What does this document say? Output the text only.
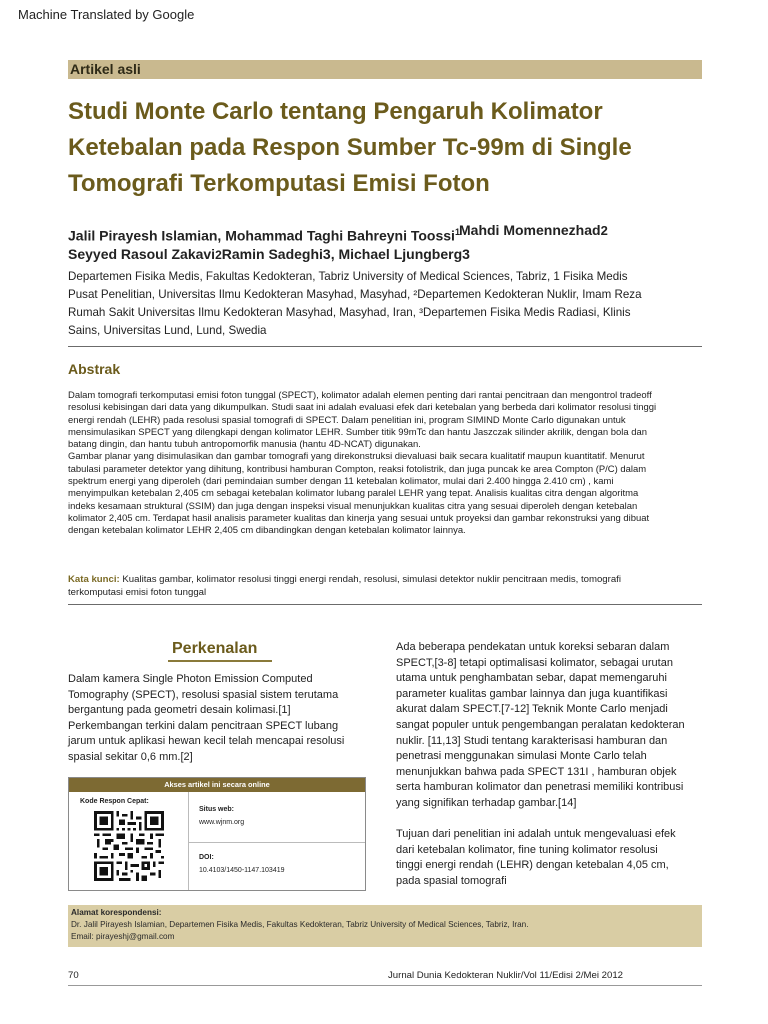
Machine Translated by Google
Artikel asli
Studi Monte Carlo tentang Pengaruh Kolimator
Ketebalan pada Respon Sumber Tc-99m di Single
Tomografi Terkomputasi Emisi Foton
Jalil Pirayesh Islamian, Mohammad Taghi Bahreyni Toossi$^1$ Mahdi Momennezhad2
Seyyed Rasoul Zakavi2Ramin Sadeghi3, Michael Ljungberg3
Departemen Fisika Medis, Fakultas Kedokteran, Tabriz University of Medical Sciences, Tabriz, 1 Fisika Medis
Pusat Penelitian, Universitas Ilmu Kedokteran Masyhad, Masyhad, ²Departemen Kedokteran Nuklir, Imam Reza
Rumah Sakit Universitas Ilmu Kedokteran Masyhad, Masyhad, Iran, ³Departemen Fisika Medis Radiasi, Klinis
Sains, Universitas Lund, Lund, Swedia
Abstrak

Dalam tomografi terkomputasi emisi foton tunggal (SPECT), kolimator adalah elemen penting dari rantai pencitraan dan mengontrol tradeoff

resolusi kebisingan dari data yang dikumpulkan. Studi saat ini adalah evaluasi efek dari ketebalan yang berbeda dari kolimator resolusi tinggi

energi rendah (LEHR) pada resolusi spasial tomografi di SPECT. Dalam penelitian ini, program SIMIND Monte Carlo digunakan untuk

mensimulasikan SPECT yang dilengkapi dengan kolimator LEHR. Sumber titik 99mTc dan hantu Jaszczak silinder akrilik, dengan bola dan

batang dingin, dan hantu tubuh antropomorfik manusia (hantu 4D-NCAT) digunakan.

Gambar planar yang disimulasikan dan gambar tomografi yang direkonstruksi dievaluasi baik secara kualitatif maupun kuantitatif. Menurut

tabulasi parameter detektor yang dihitung, kontribusi hamburan Compton, reaksi fotolistrik, dan juga puncak ke area Compton (P/C) dalam

spektrum energi yang diperoleh (dari pemindaian sumber dengan 11 ketebalan kolimator, mulai dari 2.400 hingga 2.410 cm) , kami

menyimpulkan ketebalan 2,405 cm sebagai ketebalan kolimator lubang paralel LEHR yang tepat. Analisis kualitas citra dengan algoritma

indeks kesamaan struktural (SSIM) dan juga dengan inspeksi visual menunjukkan kualitas citra yang sesuai diperoleh dengan ketebalan

kolimator 2,405 cm. Terdapat hasil analisis parameter kualitas dan kinerja yang sesuai untuk proyeksi dan gambar rekonstruksi yang dibuat

dengan ketebalan kolimator LEHR 2,405 cm dibandingkan dengan ketebalan kolimator lainnya.

Kata kunci: Kualitas gambar, kolimator resolusi tinggi energi rendah, resolusi, simulasi detektor nuklir pencitraan medis, tomografi
terkomputasi emisi foton tunggal
Perkenalan
Dalam kamera Single Photon Emission Computed
Tomography (SPECT), resolusi spasial sistem terutama
bergantung pada geometri desain kolimasi.[1]
Perkembangan terkini dalam pencitraan SPECT lubang
jarum untuk aplikasi hewan kecil telah mencapai resolusi
spasial sekitar 0,6 mm.[2]
Akses artikel ini secara online
Kode Respon Cepat:
Situs web:
www.wjnm.org
DOI:
10.4103/1450-1147.103419
Ada beberapa pendekatan untuk koreksi sebaran dalam
SPECT,[3-8] tetapi optimalisasi kolimator, sebagai urutan
utama untuk penghambatan sebar, dapat memengaruhi
parameter kualitas gambar lainnya dan juga kuantifikasi
akurat dalam SPECT.[7-12] Teknik Monte Carlo menjadi
sangat populer untuk pengembangan peralatan kedokteran
nuklir. [11,13] Studi tentang karakterisasi hamburan dan
penetrasi menggunakan simulasi Monte Carlo telah
menunjukkan bahwa pada SPECT 131I , hamburan objek
serta hamburan kolimator dan penetrasi memiliki kontribusi
yang signifikan terhadap gambar.[14]
Tujuan dari penelitian ini adalah untuk mengevaluasi efek
dari ketebalan kolimator, fine tuning kolimator resolusi
tinggi energi rendah (LEHR) dengan ketebalan 4,05 cm,
pada spasial tomografi
Alamat korespondensi:
Dr. Jalil Pirayesh Islamian, Departemen Fisika Medis, Fakultas Kedokteran, Tabriz University of Medical Sciences, Tabriz, Iran.
Email: pirayeshj@gmail.com
70	Jurnal Dunia Kedokteran Nuklir/Vol 11/Edisi 2/Mei 2012
